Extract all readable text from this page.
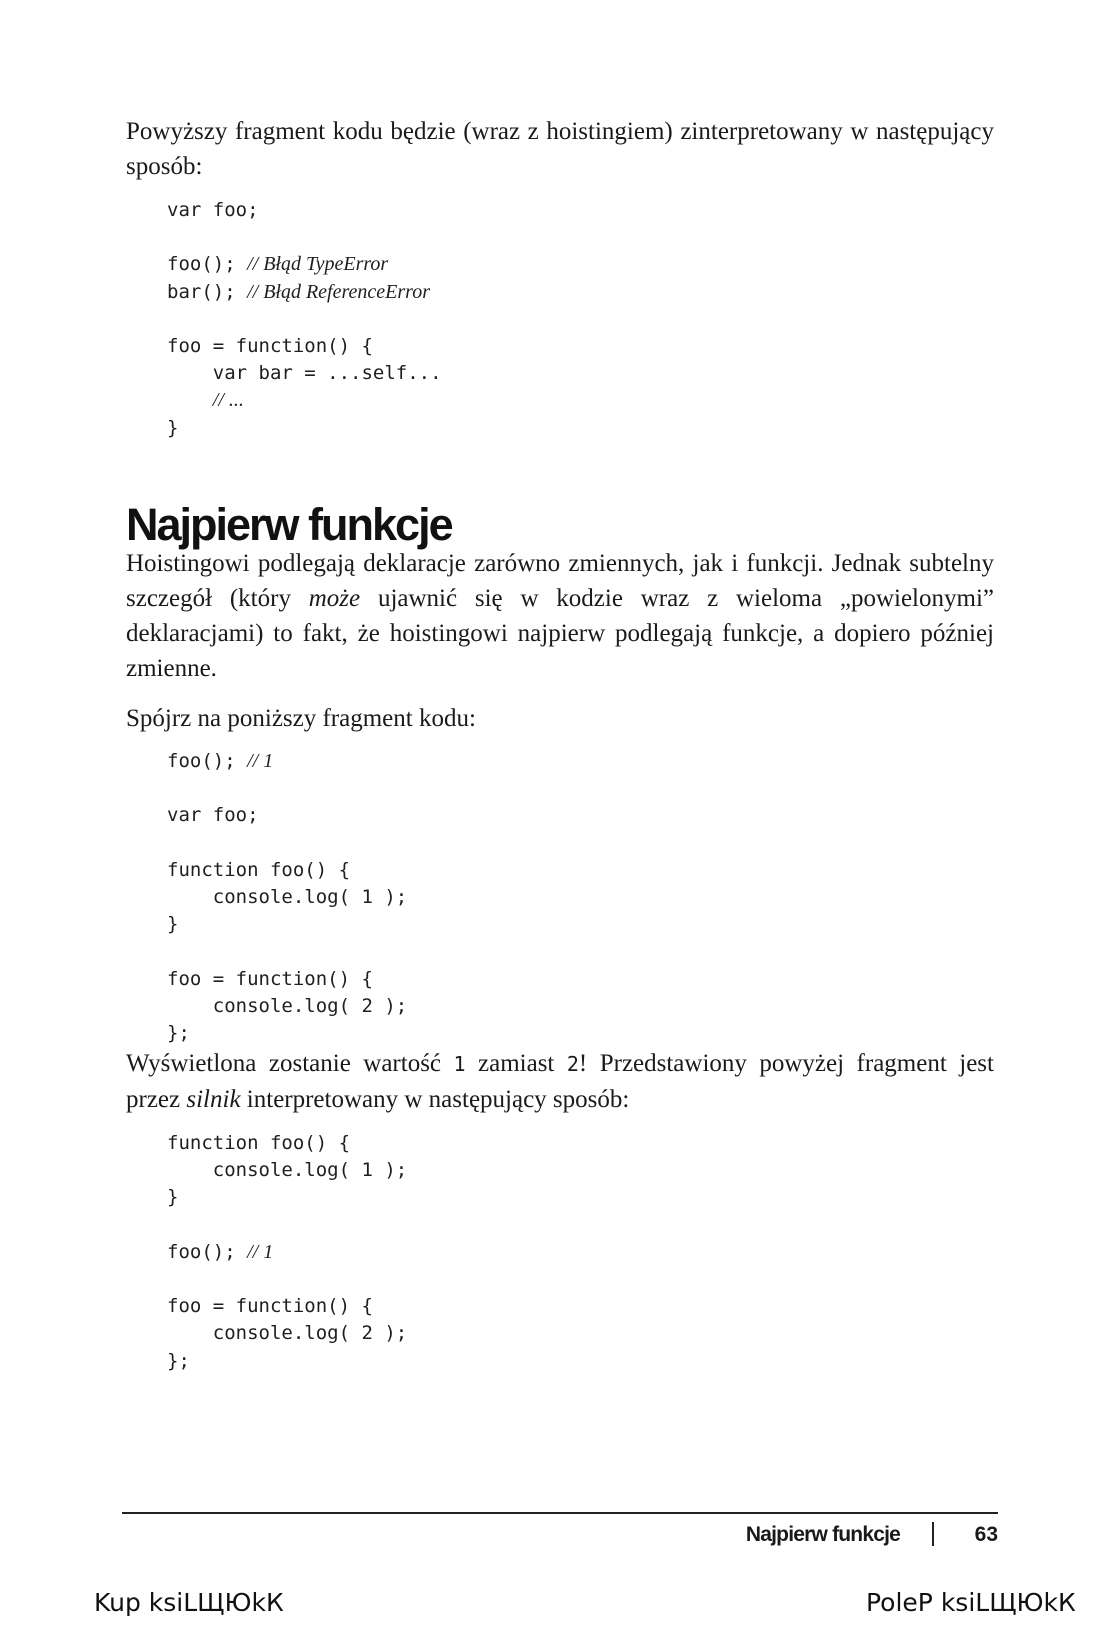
Powyższy fragment kodu będzie (wraz z hoistingiem) zinterpretowany w następujący sposób:

var foo;
foo(); // Błąd TypeError
bar(); // Błąd ReferenceError
foo = function() {
var bar = ...self...
// ...
}
Najpierw funkcje

Hoistingowi podlegają deklaracje zarówno zmiennych, jak i funkcji. Jednak subtelny szczegół (który może ujawnić się w kodzie wraz z wieloma „powielonymi” deklaracjami) to fakt, że hoistingowi najpierw podlegają funkcje, a dopiero później zmienne.

Spójrz na poniższy fragment kodu:

foo(); // 1
var foo;
function foo() {
console.log( 1 );
}
foo = function() {
console.log( 2 );
};

Wyświetlona zostanie wartość 1 zamiast 2! Przedstawiony powyżej fragment jest przez silnik interpretowany w następujący sposób:

function foo() {
console.log( 1 );
}
foo(); // 1
foo = function() {
console.log( 2 );
};
Najpierw funkcje	63
Kup ksiLЩЮkК	PoleP ksiLЩЮkК
